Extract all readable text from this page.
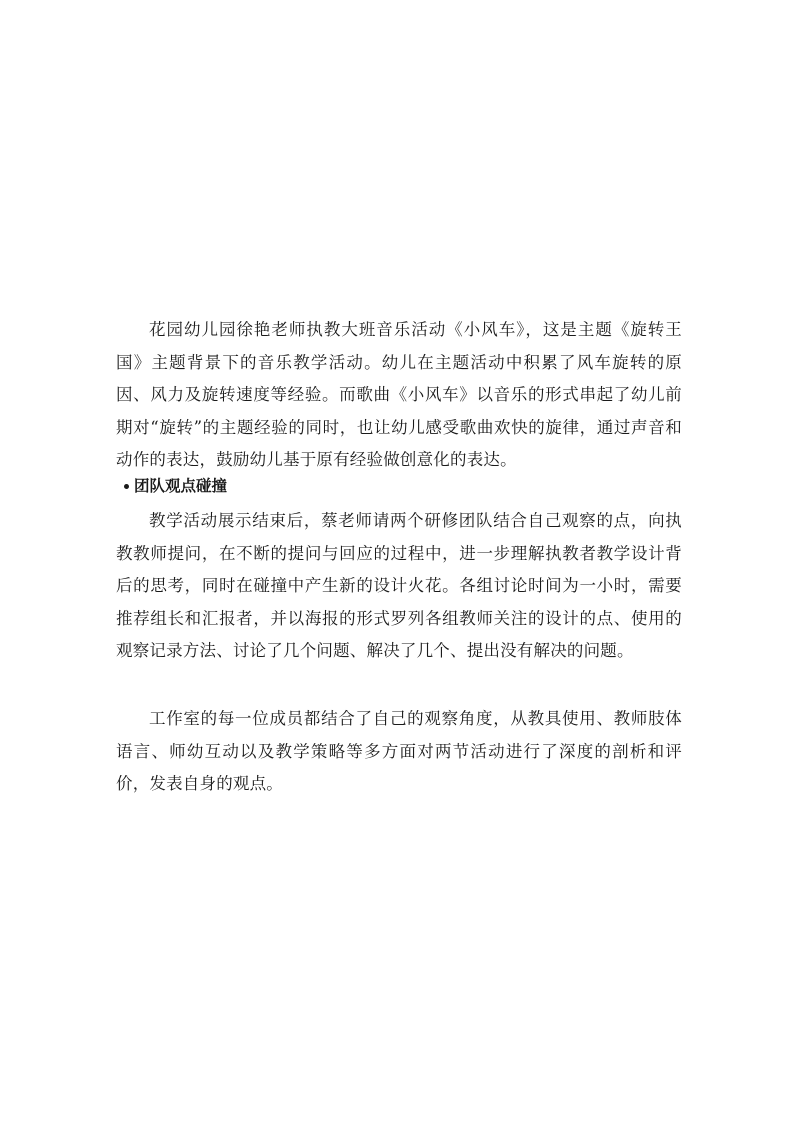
花园幼儿园徐艳老师执教大班音乐活动《小风车》，这是主题《旋转王国》主题背景下的音乐教学活动。幼儿在主题活动中积累了风车旋转的原因、风力及旋转速度等经验。而歌曲《小风车》以音乐的形式串起了幼儿前期对“旋转”的主题经验的同时，也让幼儿感受歌曲欢快的旋律，通过声音和动作的表达，鼓励幼儿基于原有经验做创意化的表达。

团队观点碰撞

教学活动展示结束后，蔡老师请两个研修团队结合自己观察的点，向执教教师提问，在不断的提问与回应的过程中，进一步理解执教者教学设计背后的思考，同时在碰撞中产生新的设计火花。各组讨论时间为一小时，需要推荐组长和汇报者，并以海报的形式罗列各组教师关注的设计的点、使用的观察记录方法、讨论了几个问题、解决了几个、提出没有解决的问题。

工作室的每一位成员都结合了自己的观察角度，从教具使用、教师肢体语言、师幼互动以及教学策略等多方面对两节活动进行了深度的剖析和评价，发表自身的观点。
